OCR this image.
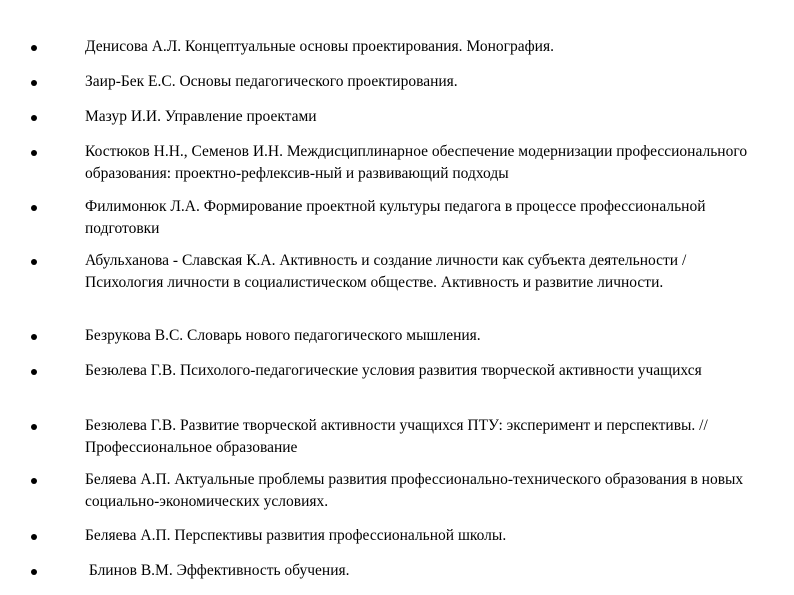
Денисова А.Л. Концептуальные основы проектирования. Монография.
Заир-Бек Е.С. Основы педагогического проектирования.
Мазур И.И. Управление проектами
Костюков Н.Н., Семенов И.Н. Междисциплинарное обеспечение модернизации профессионального образования: проектно-рефлексив-ный и развивающий подходы
Филимонюк Л.А. Формирование проектной культуры педагога в процессе профессиональной подготовки
Абульханова - Славская К.А. Активность и создание личности как субъекта деятельности / Психология личности в социалистическом обществе. Активность и развитие личности.
Безрукова В.С. Словарь нового педагогического мышления.
Безюлева Г.В. Психолого-педагогические условия развития творческой активности учащихся
Безюлева Г.В. Развитие творческой активности учащихся ПТУ: эксперимент и перспективы. // Профессиональное образование
Беляева А.П. Актуальные проблемы развития профессионально-технического образования в новых социально-экономических условиях.
Беляева А.П. Перспективы развития профессиональной школы.
Блинов В.М. Эффективность обучения.
